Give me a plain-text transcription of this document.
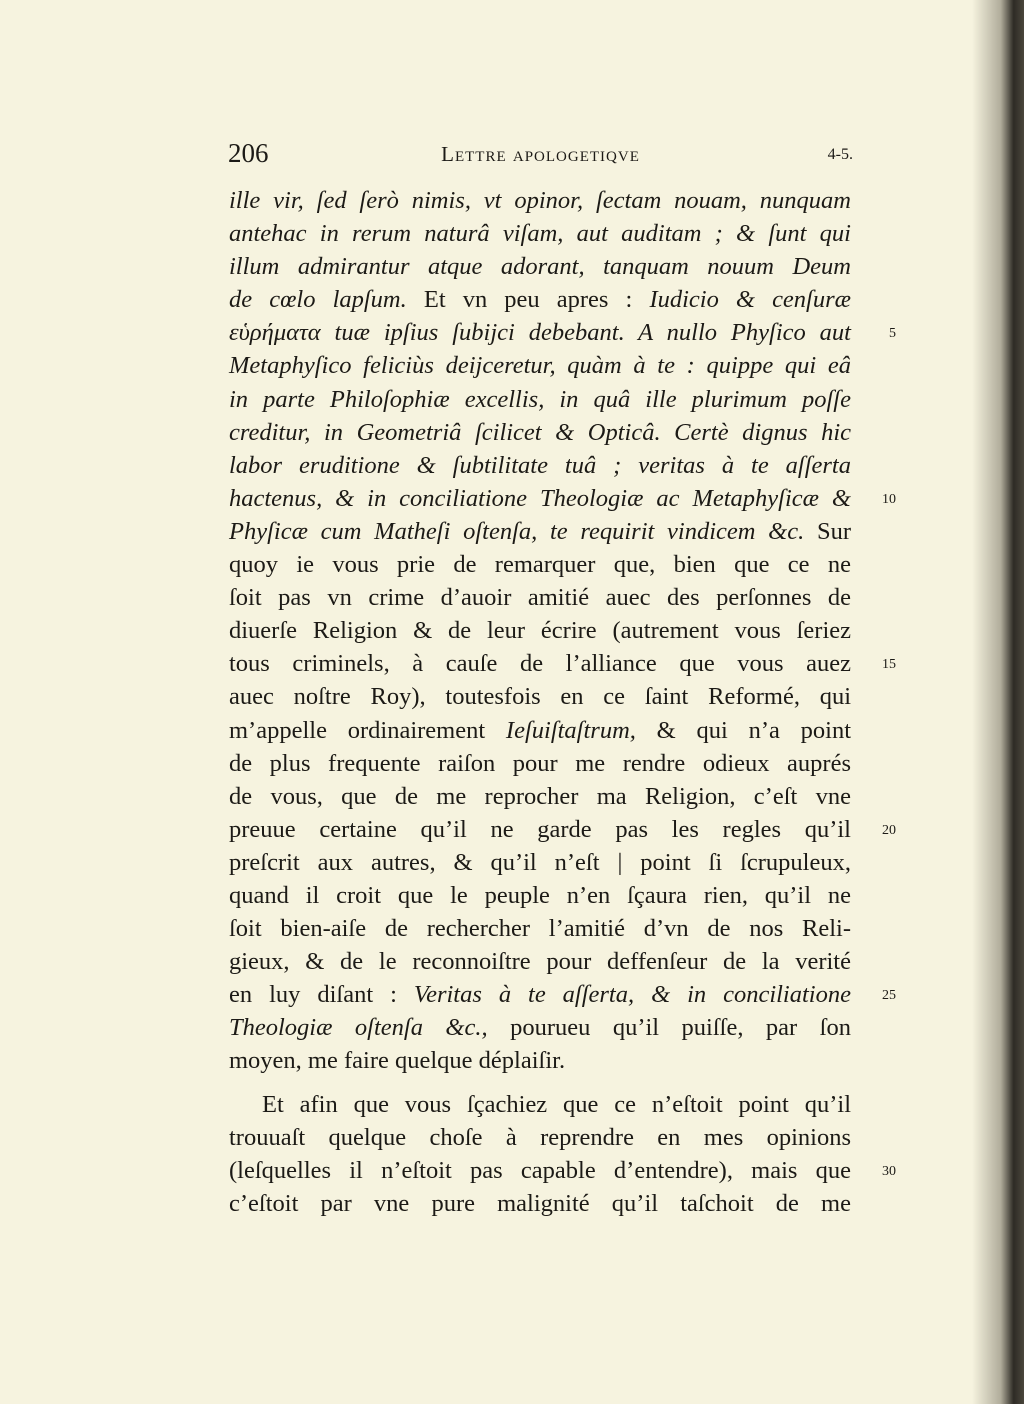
206	Lettre apologetiqve	4-5.
ille vir, ſed ſerò nimis, vt opinor, ſectam nouam, nunquam
antehac in rerum naturâ viſam, aut auditam ; & ſunt qui
illum admirantur atque adorant, tanquam nouum Deum
de cœlo lapſum. Et vn peu apres : Iudicio & cenſuræ
εὑρήματα tuæ ipſius ſubijci debebant. A nullo Phyſico aut
Metaphyſico feliciùs deijceretur, quàm à te : quippe qui eâ
in parte Philoſophiæ excellis, in quâ ille plurimum poſſe
creditur, in Geometriâ ſcilicet & Opticâ. Certè dignus hic
labor eruditione & ſubtilitate tuâ ; veritas à te aſſerta
hactenus, & in conciliatione Theologiæ ac Metaphyſicæ &
Phyſicæ cum Matheſi oſtenſa, te requirit vindicem &c. Sur
quoy ie vous prie de remarquer que, bien que ce ne
ſoit pas vn crime d’auoir amitié auec des perſonnes de
diuerſe Religion & de leur écrire (autrement vous ſeriez
tous criminels, à cauſe de l’alliance que vous auez
auec noſtre Roy), toutesfois en ce ſaint Reformé, qui
m’appelle ordinairement Ieſuiſtaſtrum, & qui n’a point
de plus frequente raiſon pour me rendre odieux auprés
de vous, que de me reprocher ma Religion, c’eſt vne
preuue certaine qu’il ne garde pas les regles qu’il
preſcrit aux autres, & qu’il n’eſt | point ſi ſcrupuleux,
quand il croit que le peuple n’en ſçaura rien, qu’il ne
ſoit bien-aiſe de rechercher l’amitié d’vn de nos Reli-
gieux, & de le reconnoiſtre pour deffenſeur de la verité
en luy diſant : Veritas à te aſſerta, & in conciliatione
Theologiæ oſtenſa &c., pourueu qu’il puiſſe, par ſon
moyen, me faire quelque déplaiſir.
Et afin que vous ſçachiez que ce n’eſtoit point qu’il
trouuaſt quelque choſe à reprendre en mes opinions
(leſquelles il n’eſtoit pas capable d’entendre), mais que
c’eſtoit par vne pure malignité qu’il taſchoit de me
5
10
15
20
25
30
